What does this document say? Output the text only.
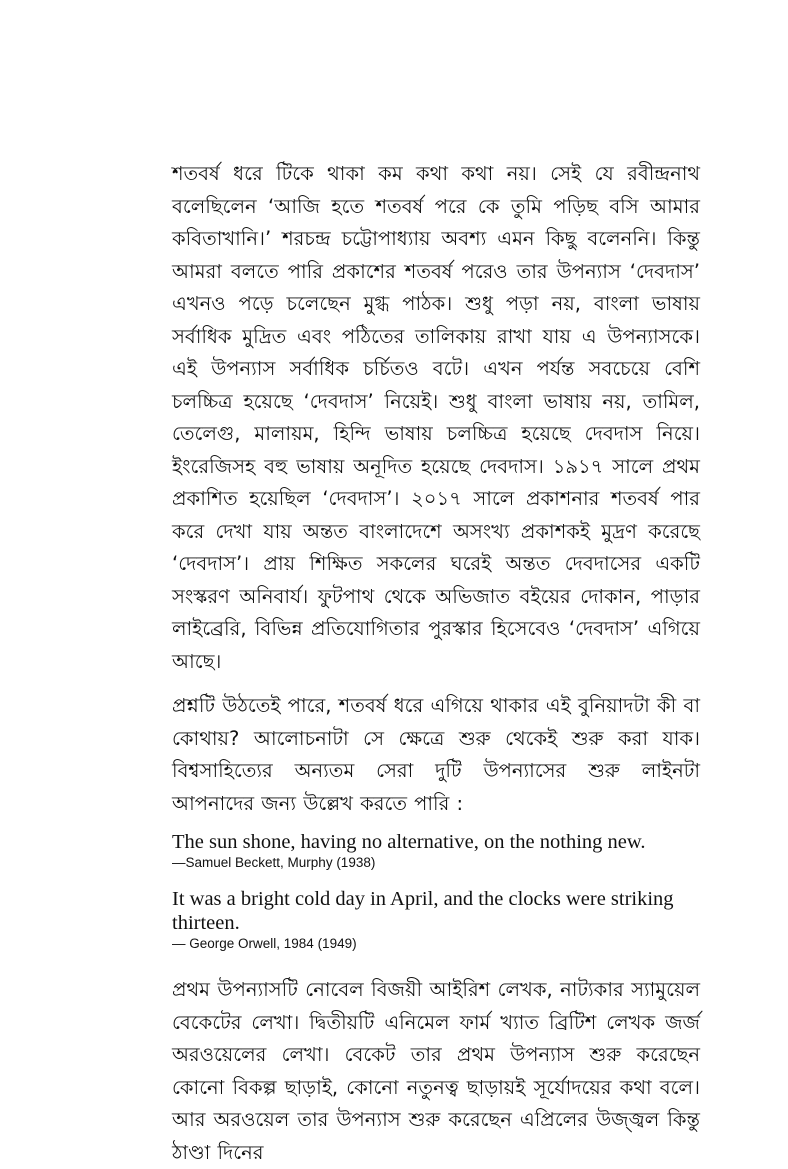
শতবর্ষ ধরে টিকে থাকা কম কথা কথা নয়। সেই যে রবীন্দ্রনাথ বলেছিলেন ‘আজি হতে শতবর্ষ পরে কে তুমি পড়িছ বসি আমার কবিতাখানি।’ শরচন্দ্র চট্টোপাধ্যায় অবশ্য এমন কিছু বলেননি। কিন্তু আমরা বলতে পারি প্রকাশের শতবর্ষ পরেও তার উপন্যাস ‘দেবদাস’ এখনও পড়ে চলেছেন মুগ্ধ পাঠক। শুধু পড়া নয়, বাংলা ভাষায় সর্বাধিক মুদ্রিত এবং পঠিতের তালিকায় রাখা যায় এ উপন্যাসকে। এই উপন্যাস সর্বাধিক চর্চিতও বটে। এখন পর্যন্ত সবচেয়ে বেশি চলচ্চিত্র হয়েছে ‘দেবদাস’ নিয়েই। শুধু বাংলা ভাষায় নয়, তামিল, তেলেগু, মালায়ম, হিন্দি ভাষায় চলচ্চিত্র হয়েছে দেবদাস নিয়ে। ইংরেজিসহ বহু ভাষায় অনূদিত হয়েছে দেবদাস। ১৯১৭ সালে প্রথম প্রকাশিত হয়েছিল ‘দেবদাস’। ২০১৭ সালে প্রকাশনার শতবর্ষ পার করে দেখা যায় অন্তত বাংলাদেশে অসংখ্য প্রকাশকই মুদ্রণ করেছে ‘দেবদাস’। প্রায় শিক্ষিত সকলের ঘরেই অন্তত দেবদাসের একটি সংস্করণ অনিবার্য। ফুটপাথ থেকে অভিজাত বইয়ের দোকান, পাড়ার লাইব্রেরি, বিভিন্ন প্রতিযোগিতার পুরস্কার হিসেবেও ‘দেবদাস’ এগিয়ে আছে।

প্রশ্নটি উঠতেই পারে, শতবর্ষ ধরে এগিয়ে থাকার এই বুনিয়াদটা কী বা কোথায়? আলোচনাটা সে ক্ষেত্রে শুরু থেকেই শুরু করা যাক। বিশ্বসাহিত্যের অন্যতম সেরা দুটি উপন্যাসের শুরু লাইনটা আপনাদের জন্য উল্লেখ করতে পারি :

The sun shone, having no alternative, on the nothing new.

—Samuel Beckett, Murphy (1938)

It was a bright cold day in April, and the clocks were striking thirteen.

— George Orwell, 1984 (1949)

প্রথম উপন্যাসটি নোবেল বিজয়ী আইরিশ লেখক, নাট্যকার স্যামুয়েল বেকেটের লেখা। দ্বিতীয়টি এনিমেল ফার্ম খ্যাত ব্রিটিশ লেখক জর্জ অরওয়েলের লেখা। বেকেট তার প্রথম উপন্যাস শুরু করেছেন কোনো বিকল্প ছাড়াই, কোনো নতুনত্ব ছাড়ায়ই সূর্যোদয়ের কথা বলে। আর অরওয়েল তার উপন্যাস শুরু করেছেন এপ্রিলের উজ্জ্বল কিন্তু ঠাণ্ডা দিনের
